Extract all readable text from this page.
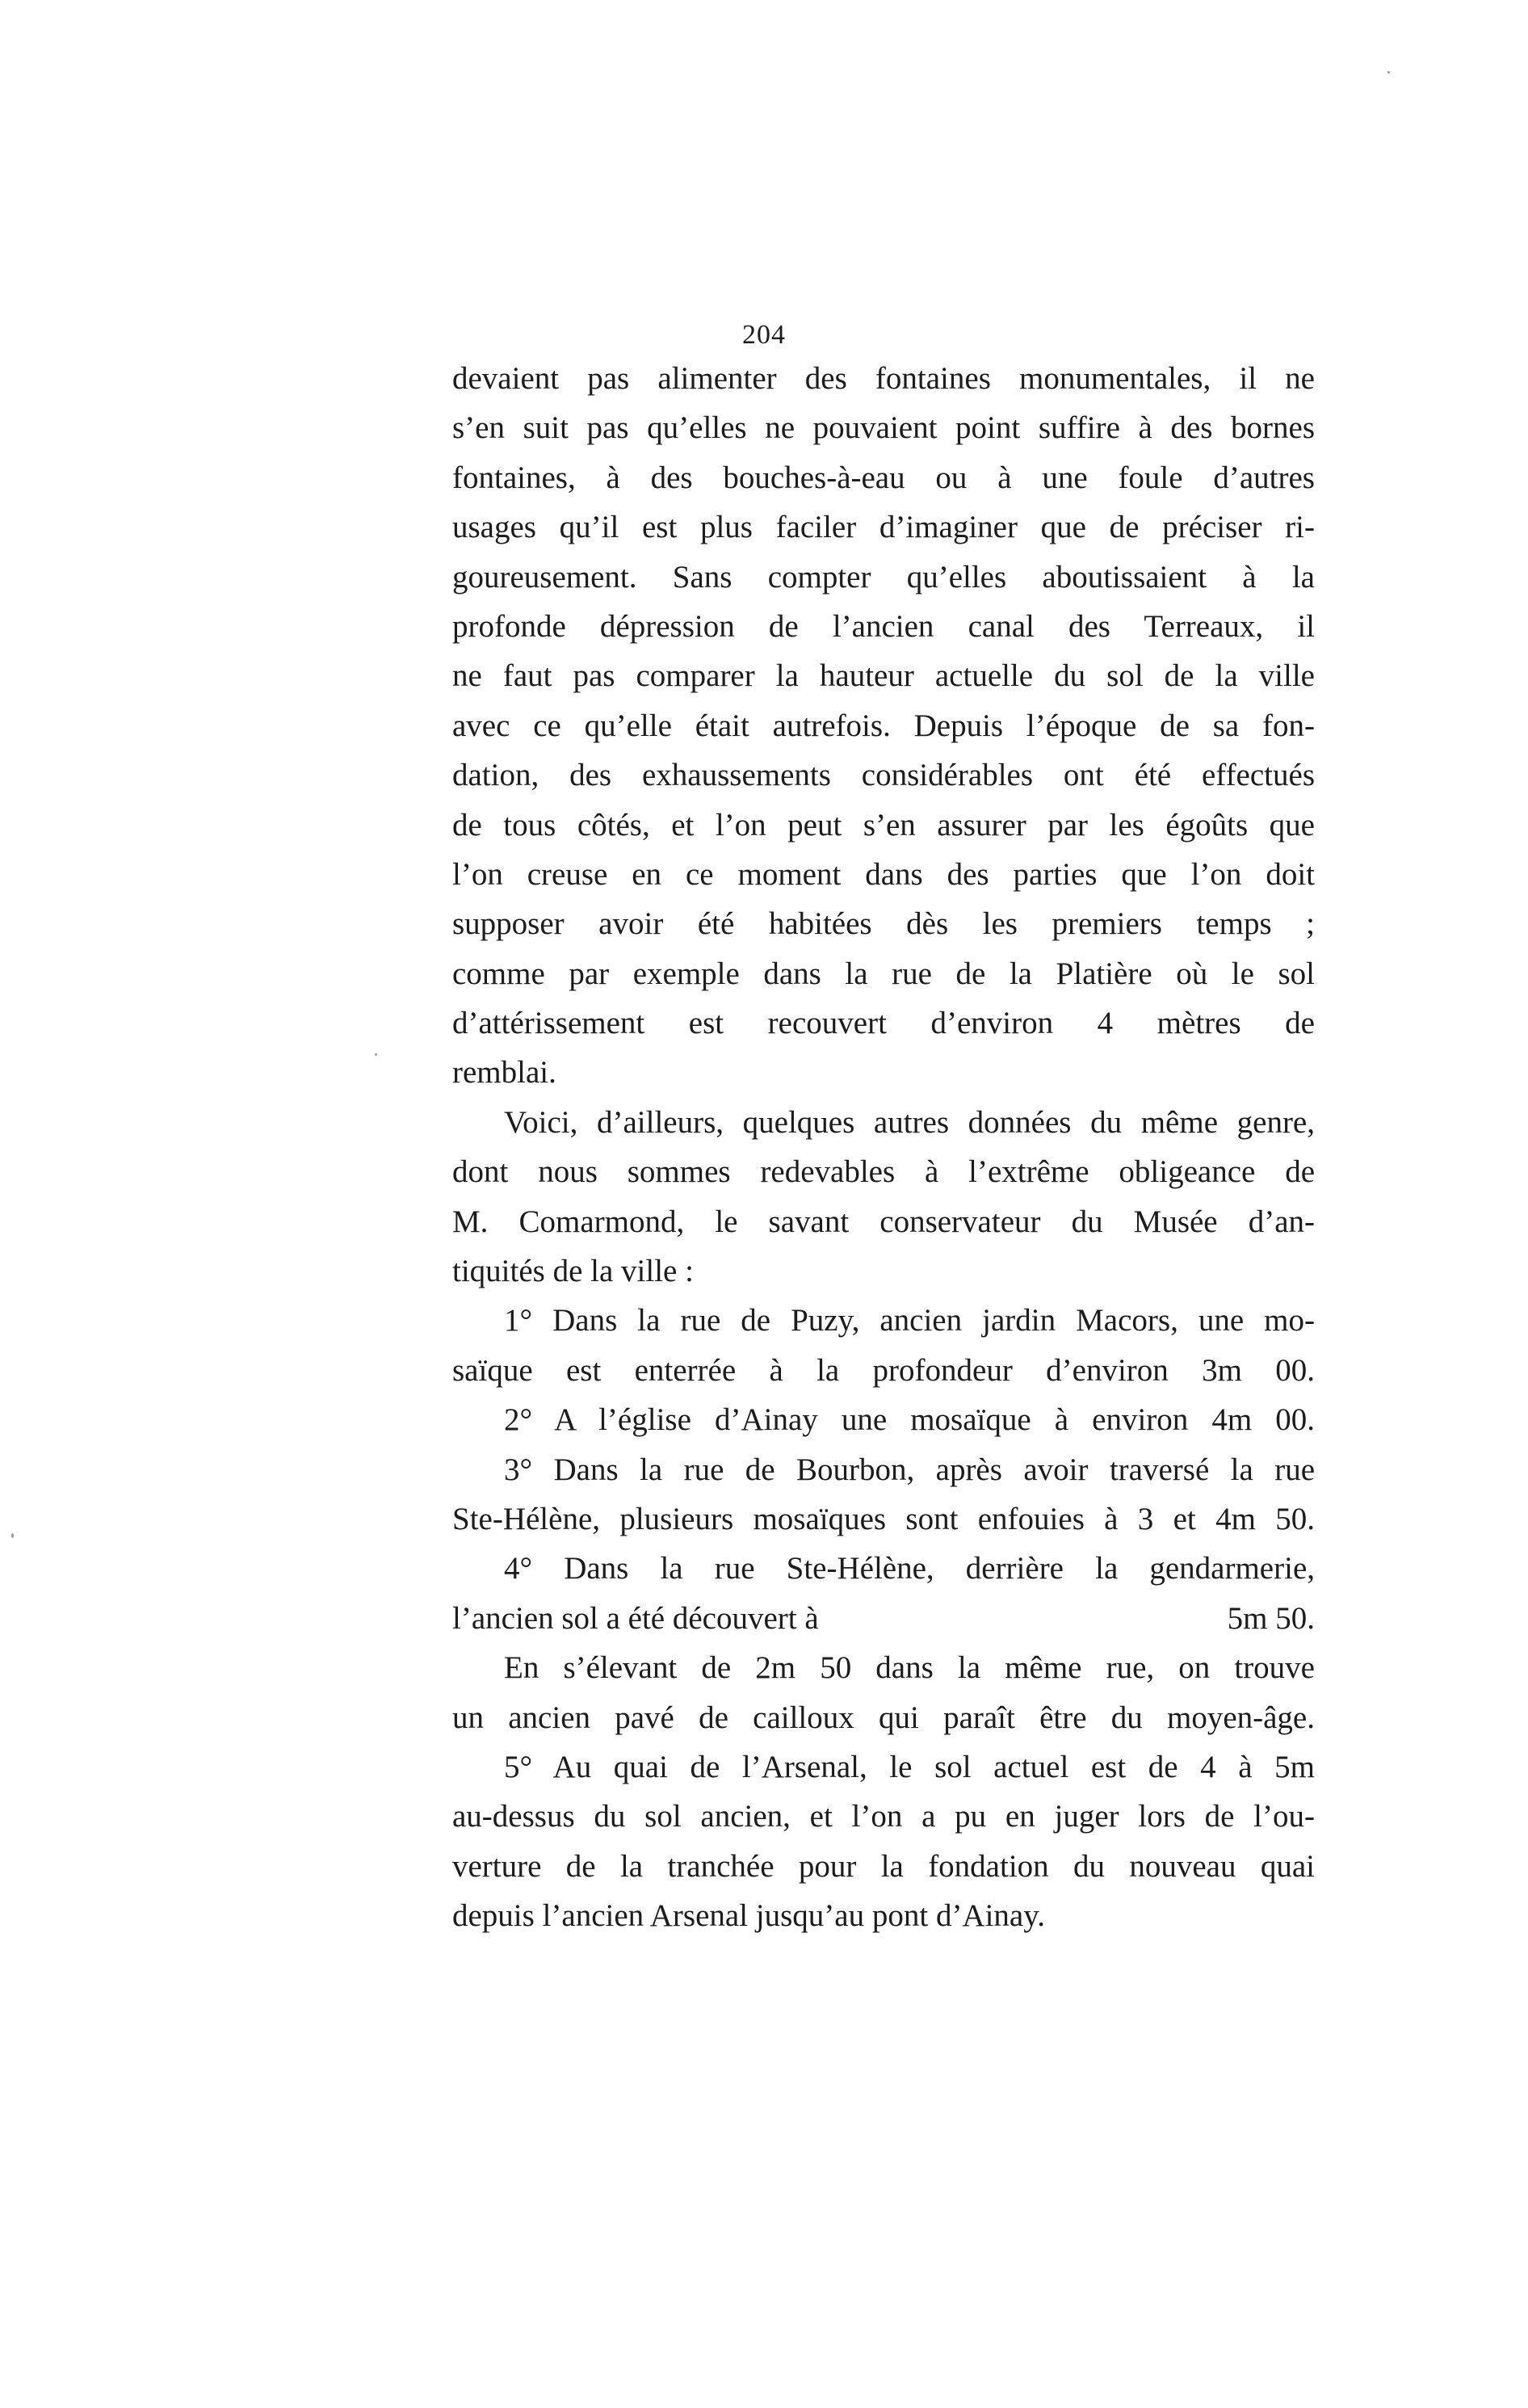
204
devaient pas alimenter des fontaines monumentales, il ne
s’en suit pas qu’elles ne pouvaient point suffire à des bornes
fontaines, à des bouches-à-eau ou à une foule d’autres
usages qu’il est plus faciler d’imaginer que de préciser ri-
goureusement. Sans compter qu’elles aboutissaient à la
profonde dépression de l’ancien canal des Terreaux, il
ne faut pas comparer la hauteur actuelle du sol de la ville
avec ce qu’elle était autrefois. Depuis l’époque de sa fon-
dation, des exhaussements considérables ont été effectués
de tous côtés, et l’on peut s’en assurer par les égoûts que
l’on creuse en ce moment dans des parties que l’on doit
supposer avoir été habitées dès les premiers temps ;
comme par exemple dans la rue de la Platière où le sol
d’attérissement est recouvert d’environ 4 mètres de
remblai.
Voici, d’ailleurs, quelques autres données du même genre,
dont nous sommes redevables à l’extrême obligeance de
M. Comarmond, le savant conservateur du Musée d’an-
tiquités de la ville :
1° Dans la rue de Puzy, ancien jardin Macors, une mo-
saïque est enterrée à la profondeur d’environ 3m 00.
2° A l’église d’Ainay une mosaïque à environ 4m 00.
3° Dans la rue de Bourbon, après avoir traversé la rue
Ste-Hélène, plusieurs mosaïques sont enfouies à 3 et 4m 50.
4° Dans la rue Ste-Hélène, derrière la gendarmerie,
l’ancien sol a été découvert à	5m 50.
En s’élevant de 2m 50 dans la même rue, on trouve
un ancien pavé de cailloux qui paraît être du moyen-âge.
5° Au quai de l’Arsenal, le sol actuel est de 4 à 5m
au-dessus du sol ancien, et l’on a pu en juger lors de l’ou-
verture de la tranchée pour la fondation du nouveau quai
depuis l’ancien Arsenal jusqu’au pont d’Ainay.
